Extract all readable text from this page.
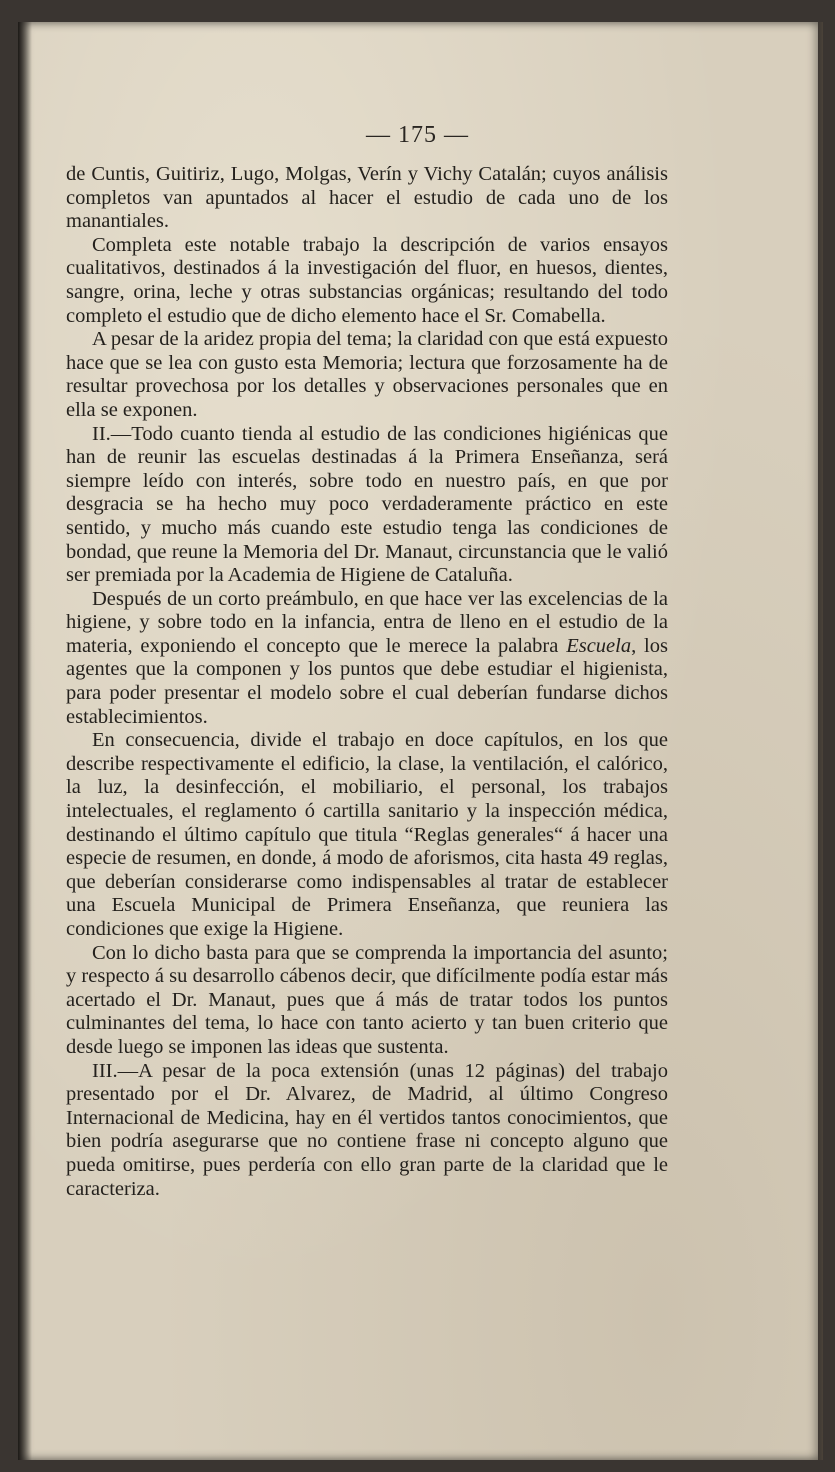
— 175 —

de Cuntis, Guitiriz, Lugo, Molgas, Verín y Vichy Catalán; cuyos análisis completos van apuntados al hacer el estudio de cada uno de los manantiales.

Completa este notable trabajo la descripción de varios ensayos cualitativos, destinados á la investigación del fluor, en huesos, dientes, sangre, orina, leche y otras substancias orgánicas; resultando del todo completo el estudio que de dicho elemento hace el Sr. Comabella.

A pesar de la aridez propia del tema; la claridad con que está expuesto hace que se lea con gusto esta Memoria; lectura que forzosamente ha de resultar provechosa por los detalles y observaciones personales que en ella se exponen.

II.—Todo cuanto tienda al estudio de las condiciones higiénicas que han de reunir las escuelas destinadas á la Primera Enseñanza, será siempre leído con interés, sobre todo en nuestro país, en que por desgracia se ha hecho muy poco verdaderamente práctico en este sentido, y mucho más cuando este estudio tenga las condiciones de bondad, que reune la Memoria del Dr. Manaut, circunstancia que le valió ser premiada por la Academia de Higiene de Cataluña.

Después de un corto preámbulo, en que hace ver las excelencias de la higiene, y sobre todo en la infancia, entra de lleno en el estudio de la materia, exponiendo el concepto que le merece la palabra Escuela, los agentes que la componen y los puntos que debe estudiar el higienista, para poder presentar el modelo sobre el cual deberían fundarse dichos establecimientos.

En consecuencia, divide el trabajo en doce capítulos, en los que describe respectivamente el edificio, la clase, la ventilación, el calórico, la luz, la desinfección, el mobiliario, el personal, los trabajos intelectuales, el reglamento ó cartilla sanitario y la inspección médica, destinando el último capítulo que titula “Reglas generales“ á hacer una especie de resumen, en donde, á modo de aforismos, cita hasta 49 reglas, que deberían considerarse como indispensables al tratar de establecer una Escuela Municipal de Primera Enseñanza, que reuniera las condiciones que exige la Higiene.

Con lo dicho basta para que se comprenda la importancia del asunto; y respecto á su desarrollo cábenos decir, que difícilmente podía estar más acertado el Dr. Manaut, pues que á más de tratar todos los puntos culminantes del tema, lo hace con tanto acierto y tan buen criterio que desde luego se imponen las ideas que sustenta.

III.—A pesar de la poca extensión (unas 12 páginas) del trabajo presentado por el Dr. Alvarez, de Madrid, al último Congreso Internacional de Medicina, hay en él vertidos tantos conocimientos, que bien podría asegurarse que no contiene frase ni concepto alguno que pueda omitirse, pues perdería con ello gran parte de la claridad que le caracteriza.
